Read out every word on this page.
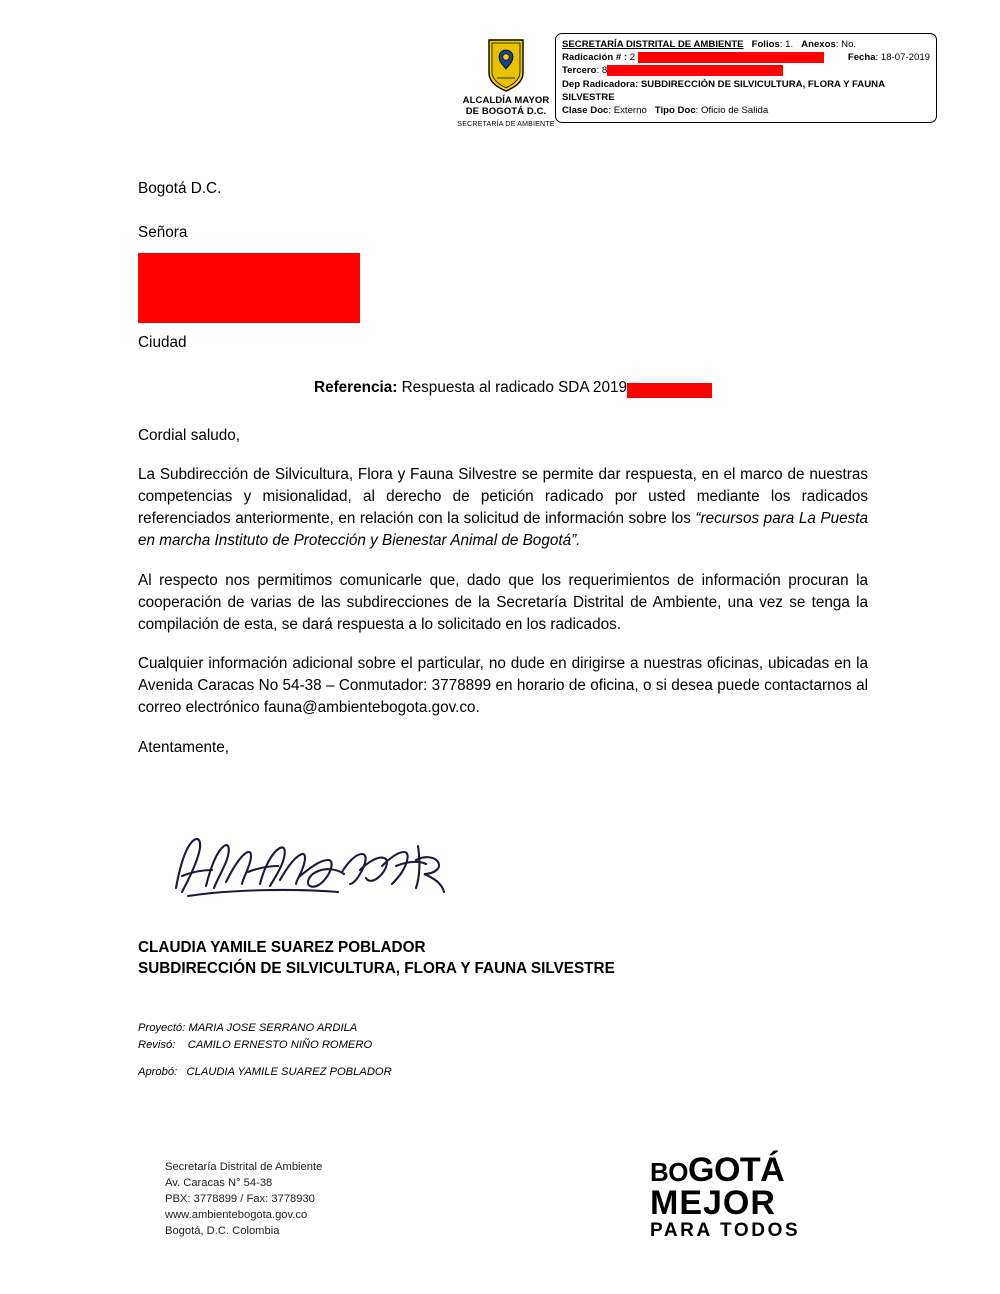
ALCALDÍA MAYOR
DE BOGOTÁ D.C.
SECRETARÍA DE AMBIENTE
SECRETARÍA DISTRITAL DE AMBIENTE Folios: 1. Anexos: No.
Radicación # : 2	Fecha: 18-07-2019
Tercero: 8
Dep Radicadora: SUBDIRECCIÓN DE SILVICULTURA, FLORA Y FAUNA
SILVESTRE
Clase Doc: Externo Tipo Doc: Oficio de Salida

Bogotá D.C.

Señora

Ciudad

Referencia: Respuesta al radicado SDA 2019

Cordial saludo,

La Subdirección de Silvicultura, Flora y Fauna Silvestre se permite dar respuesta, en el marco de nuestras competencias y misionalidad, al derecho de petición radicado por usted mediante los radicados referenciados anteriormente, en relación con la solicitud de información sobre los “recursos para La Puesta en marcha Instituto de Protección y Bienestar Animal de Bogotá”.

Al respecto nos permitimos comunicarle que, dado que los requerimientos de información procuran la cooperación de varias de las subdirecciones de la Secretaría Distrital de Ambiente, una vez se tenga la compilación de esta, se dará respuesta a lo solicitado en los radicados.

Cualquier información adicional sobre el particular, no dude en dirigirse a nuestras oficinas, ubicadas en la Avenida Caracas No 54-38 – Conmutador: 3778899 en horario de oficina, o si desea puede contactarnos al correo electrónico fauna@ambientebogota.gov.co.

Atentamente,

CLAUDIA YAMILE SUAREZ POBLADOR
SUBDIRECCIÓN DE SILVICULTURA, FLORA Y FAUNA SILVESTRE
Proyectó: MARIA JOSE SERRANO ARDILA
Revisó: CAMILO ERNESTO NIÑO ROMERO
Aprobó: CLAUDIA YAMILE SUAREZ POBLADOR
Secretaría Distrital de Ambiente
Av. Caracas N° 54-38
PBX: 3778899 / Fax: 3778930
www.ambientebogota.gov.co
Bogotá, D.C. Colombia
BOGOTÁ
MEJOR
PARA TODOS
